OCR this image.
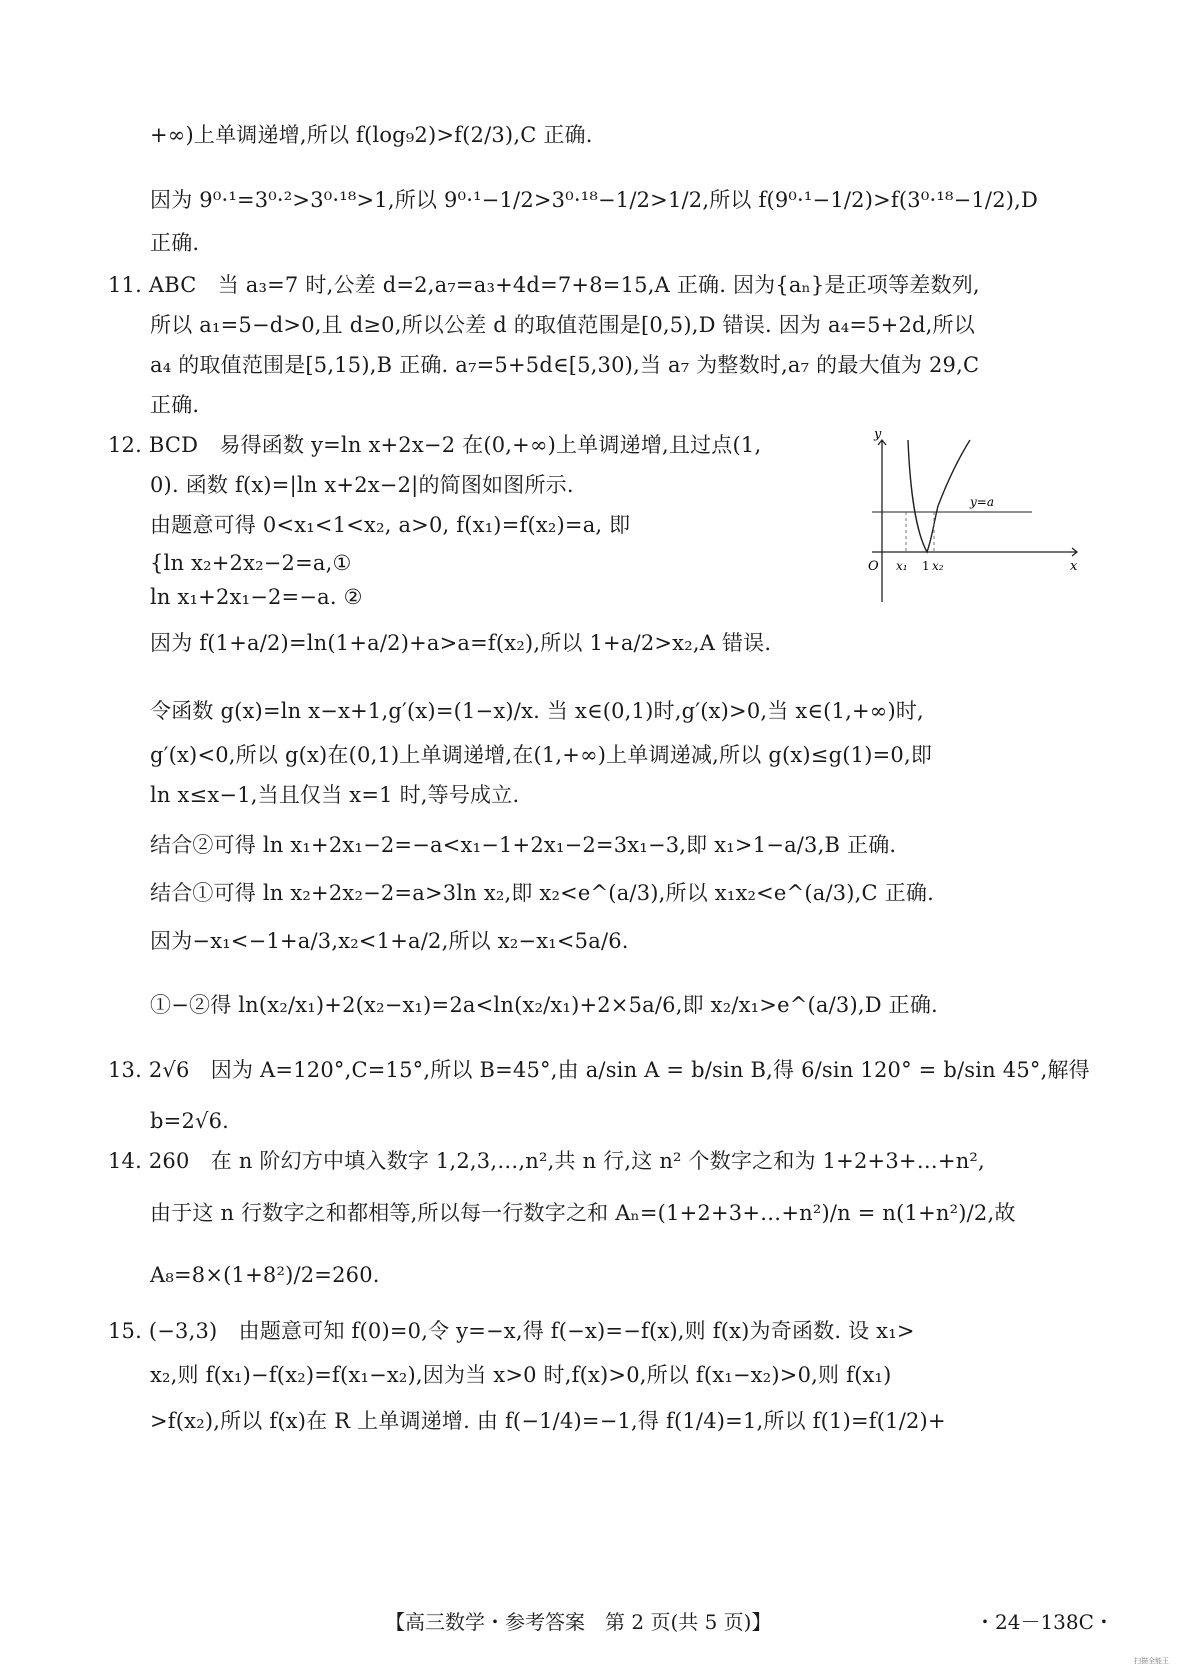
+∞)上单调递增,所以 f(log₉2)>f(2/3),C 正确.
因为 9⁰·¹=3⁰·²>3⁰·¹⁸>1,所以 9⁰·¹−1/2>3⁰·¹⁸−1/2>1/2,所以 f(9⁰·¹−1/2)>f(3⁰·¹⁸−1/2),D
正确.
11. ABC　当 a₃=7 时,公差 d=2,a₇=a₃+4d=7+8=15,A 正确. 因为{aₙ}是正项等差数列,
所以 a₁=5−d>0,且 d≥0,所以公差 d 的取值范围是[0,5),D 错误. 因为 a₄=5+2d,所以
a₄ 的取值范围是[5,15),B 正确. a₇=5+5d∈[5,30),当 a₇ 为整数时,a₇ 的最大值为 29,C
正确.
12. BCD　易得函数 y=ln x+2x−2 在(0,+∞)上单调递增,且过点(1,
0). 函数 f(x)=|ln x+2x−2|的简图如图所示.
由题意可得 0<x₁<1<x₂, a>0, f(x₁)=f(x₂)=a, 即
{ln x₂+2x₂−2=a,①
ln x₁+2x₁−2=−a. ②
y
x
O
y=a
x₁ 1 x₂
因为 f(1+a/2)=ln(1+a/2)+a>a=f(x₂),所以 1+a/2>x₂,A 错误.
令函数 g(x)=ln x−x+1,g′(x)=(1−x)/x. 当 x∈(0,1)时,g′(x)>0,当 x∈(1,+∞)时,
g′(x)<0,所以 g(x)在(0,1)上单调递增,在(1,+∞)上单调递减,所以 g(x)≤g(1)=0,即
ln x≤x−1,当且仅当 x=1 时,等号成立.
结合②可得 ln x₁+2x₁−2=−a<x₁−1+2x₁−2=3x₁−3,即 x₁>1−a/3,B 正确.
结合①可得 ln x₂+2x₂−2=a>3ln x₂,即 x₂<e^(a/3),所以 x₁x₂<e^(a/3),C 正确.
因为−x₁<−1+a/3,x₂<1+a/2,所以 x₂−x₁<5a/6.
①−②得 ln(x₂/x₁)+2(x₂−x₁)=2a<ln(x₂/x₁)+2×5a/6,即 x₂/x₁>e^(a/3),D 正确.
13. 2√6　因为 A=120°,C=15°,所以 B=45°,由 a/sin A = b/sin B,得 6/sin 120° = b/sin 45°,解得
b=2√6.
14. 260　在 n 阶幻方中填入数字 1,2,3,…,n²,共 n 行,这 n² 个数字之和为 1+2+3+…+n²,
由于这 n 行数字之和都相等,所以每一行数字之和 Aₙ=(1+2+3+…+n²)/n = n(1+n²)/2,故
A₈=8×(1+8²)/2=260.
15. (−3,3)　由题意可知 f(0)=0,令 y=−x,得 f(−x)=−f(x),则 f(x)为奇函数. 设 x₁>
x₂,则 f(x₁)−f(x₂)=f(x₁−x₂),因为当 x>0 时,f(x)>0,所以 f(x₁−x₂)>0,则 f(x₁)
>f(x₂),所以 f(x)在 R 上单调递增. 由 f(−1/4)=−1,得 f(1/4)=1,所以 f(1)=f(1/2)+
【高三数学・参考答案　第 2 页(共 5 页)】	・24－138C・
扫描全能王
